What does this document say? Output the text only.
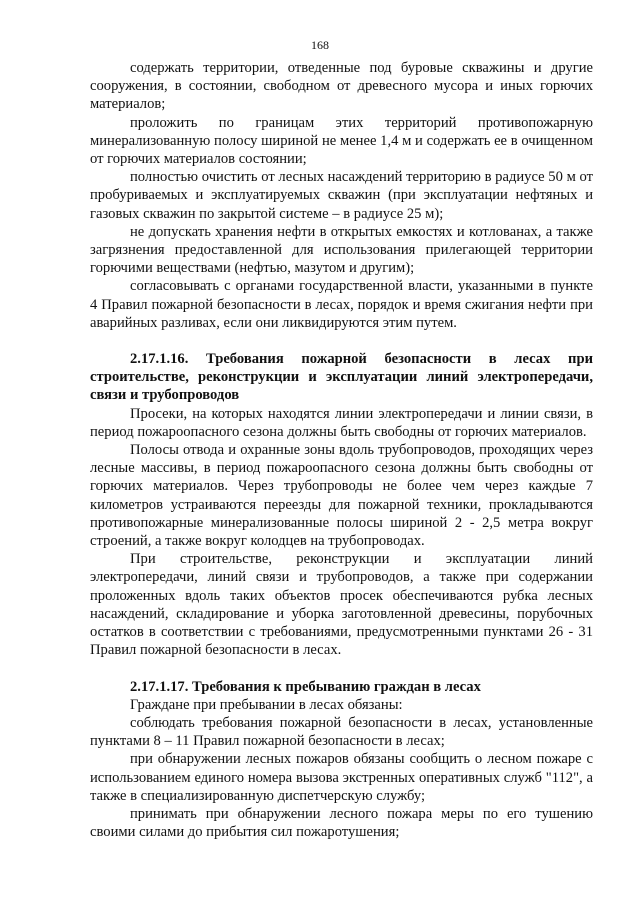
168

содержать территории, отведенные под буровые скважины и другие сооружения, в состоянии, свободном от древесного мусора и иных горючих материалов;

проложить по границам этих территорий противопожарную минерализованную полосу шириной не менее 1,4 м и содержать ее в очищенном от горючих материалов состоянии;

полностью очистить от лесных насаждений территорию в радиусе 50 м от пробуриваемых и эксплуатируемых скважин (при эксплуатации нефтяных и газовых скважин по закрытой системе – в радиусе 25 м);

не допускать хранения нефти в открытых емкостях и котлованах, а также загрязнения предоставленной для использования прилегающей территории горючими веществами (нефтью, мазутом и другим);

согласовывать с органами государственной власти, указанными в пункте 4 Правил пожарной безопасности в лесах, порядок и время сжигания нефти при аварийных разливах, если они ликвидируются этим путем.

2.17.1.16. Требования пожарной безопасности в лесах при строительстве, реконструкции и эксплуатации линий электропередачи, связи и трубопроводов

Просеки, на которых находятся линии электропередачи и линии связи, в период пожароопасного сезона должны быть свободны от горючих материалов.

Полосы отвода и охранные зоны вдоль трубопроводов, проходящих через лесные массивы, в период пожароопасного сезона должны быть свободны от горючих материалов. Через трубопроводы не более чем через каждые 7 километров устраиваются переезды для пожарной техники, прокладываются противопожарные минерализованные полосы шириной 2 - 2,5 метра вокруг строений, а также вокруг колодцев на трубопроводах.

При строительстве, реконструкции и эксплуатации линий электропередачи, линий связи и трубопроводов, а также при содержании проложенных вдоль таких объектов просек обеспечиваются рубка лесных насаждений, складирование и уборка заготовленной древесины, порубочных остатков в соответствии с требованиями, предусмотренными пунктами 26 - 31 Правил пожарной безопасности в лесах.

2.17.1.17. Требования к пребыванию граждан в лесах

Граждане при пребывании в лесах обязаны:

соблюдать требования пожарной безопасности в лесах, установленные пунктами 8 – 11 Правил пожарной безопасности в лесах;

при обнаружении лесных пожаров обязаны сообщить о лесном пожаре с использованием единого номера вызова экстренных оперативных служб "112", а также в специализированную диспетчерскую службу;

принимать при обнаружении лесного пожара меры по его тушению своими силами до прибытия сил пожаротушения;
